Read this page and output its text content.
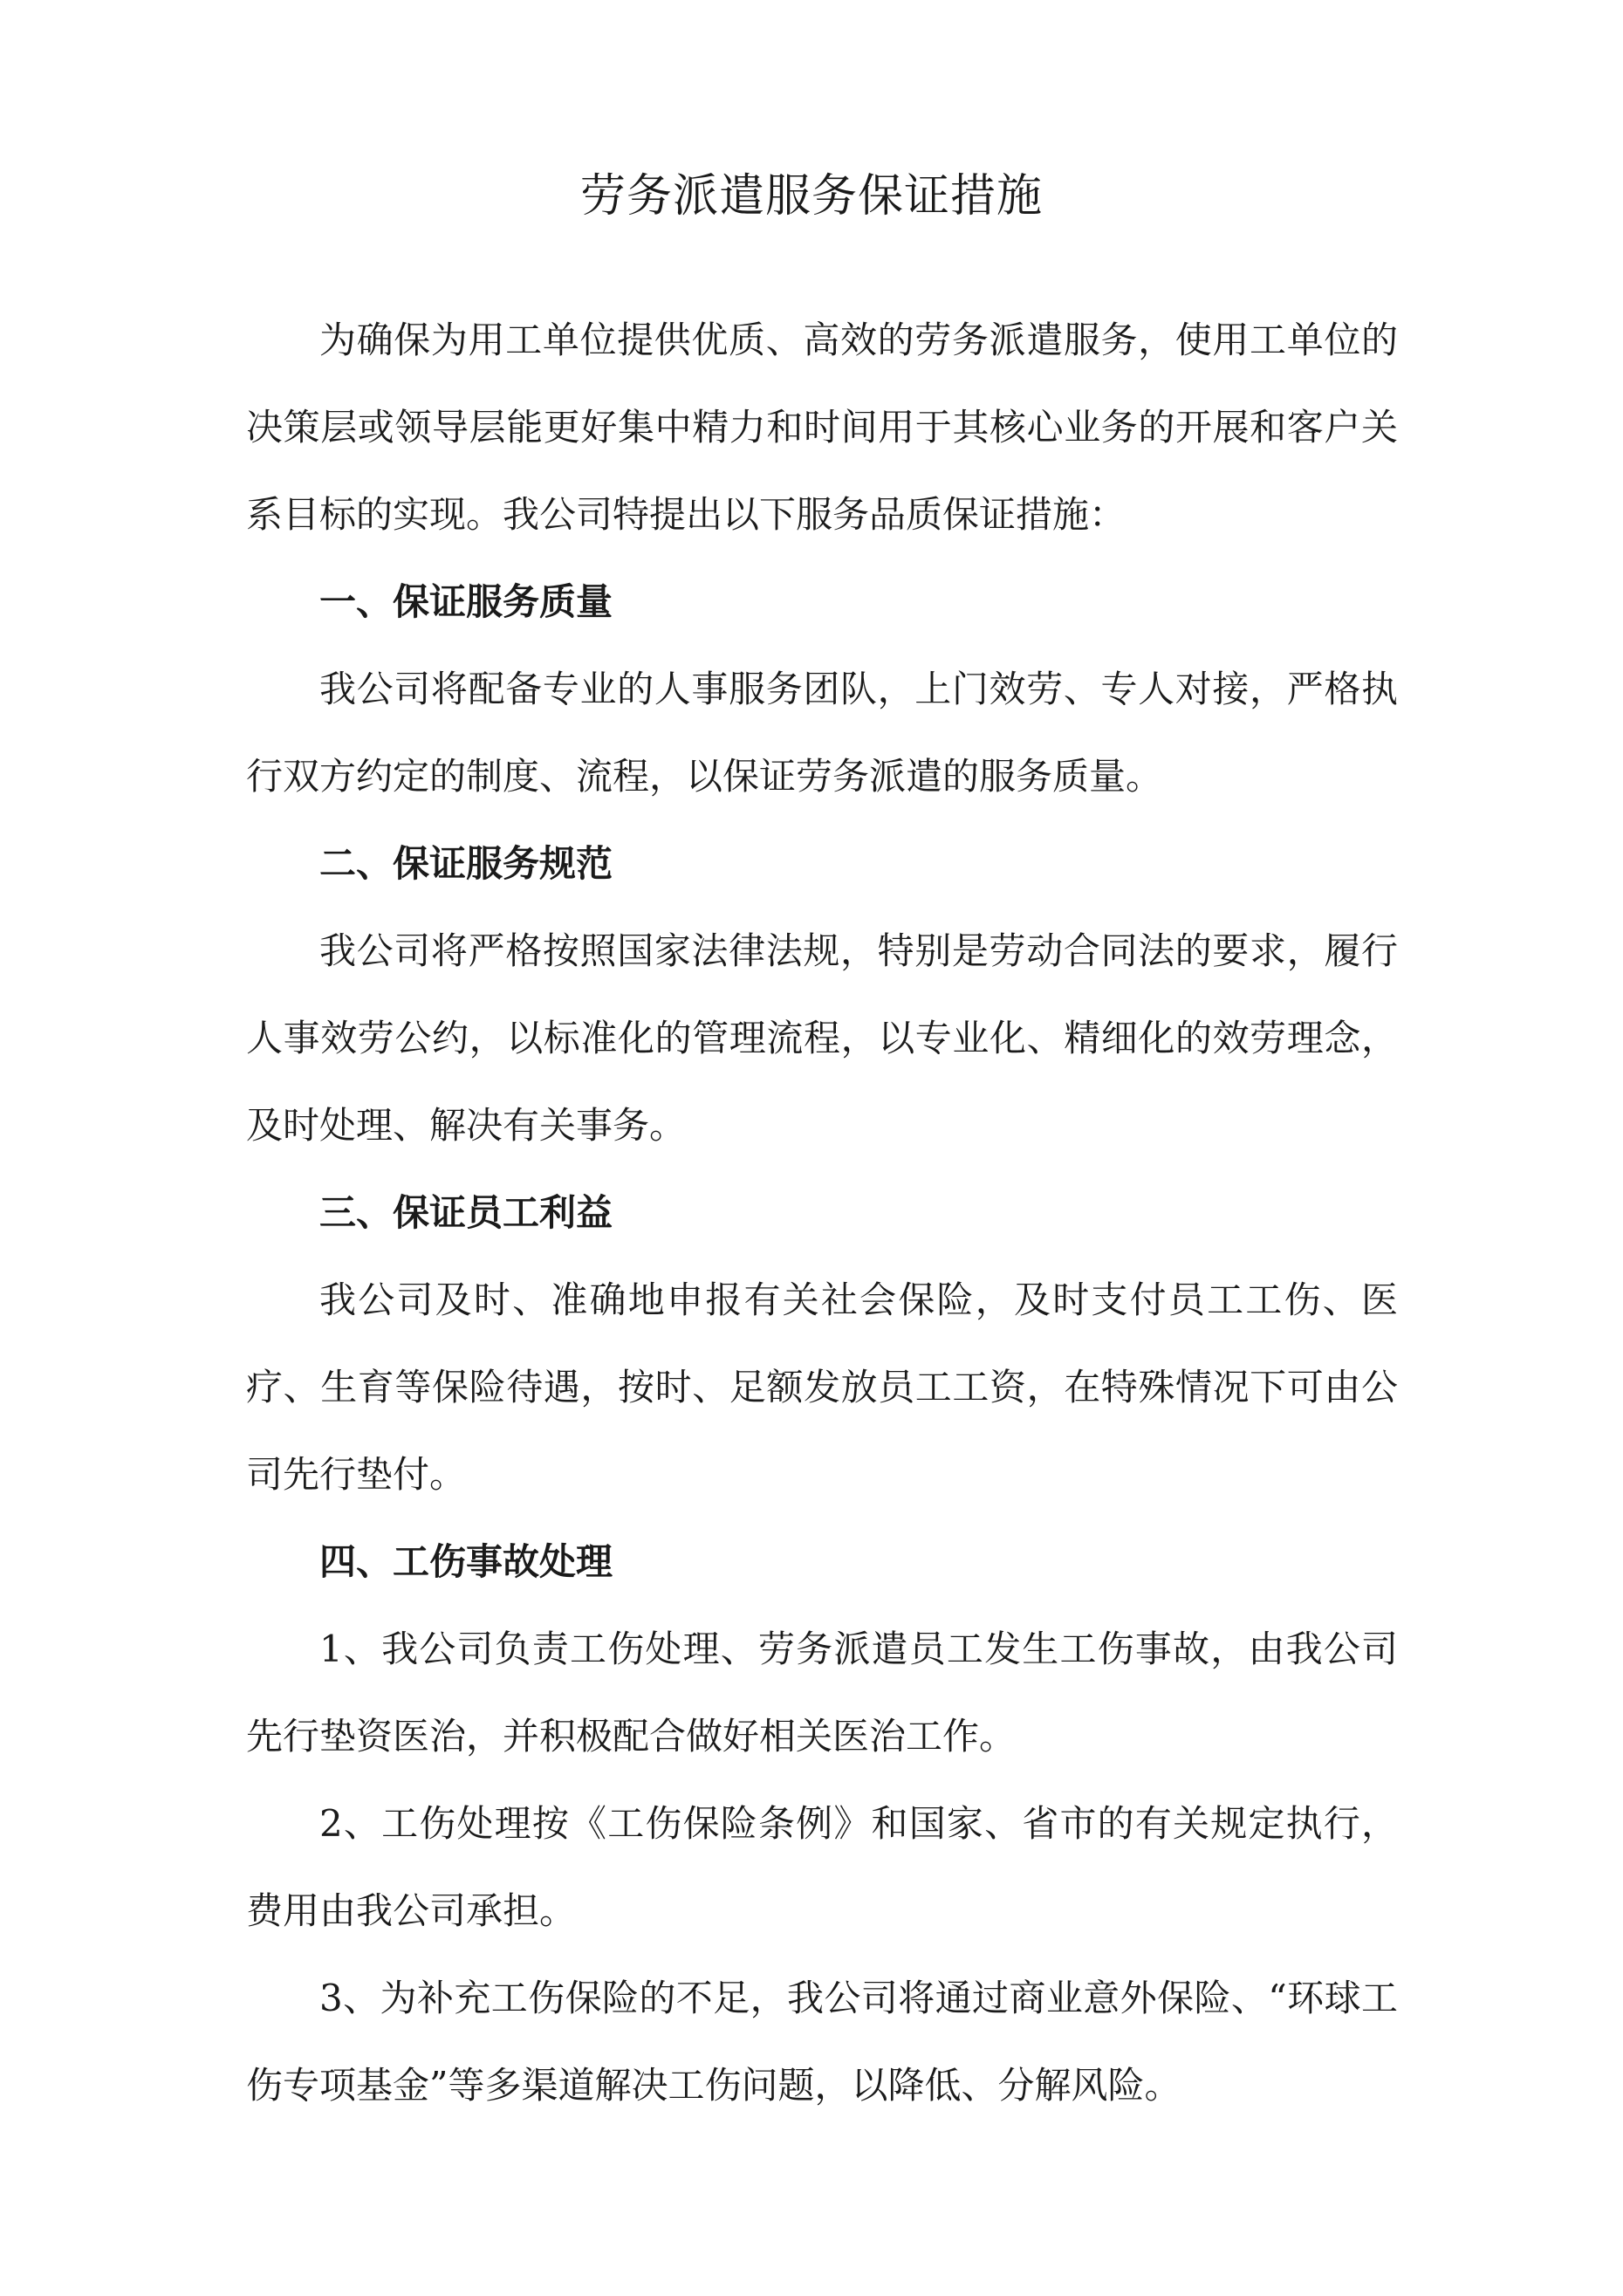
劳务派遣服务保证措施

为确保为用工单位提供优质、高效的劳务派遣服务，使用工单位的决策层或领导层能更好集中精力和时间用于其核心业务的开展和客户关系目标的实现。我公司特提出以下服务品质保证措施：

一、保证服务质量

我公司将配备专业的人事服务团队，上门效劳、专人对接，严格执行双方约定的制度、流程，以保证劳务派遣的服务质量。

二、保证服务规范

我公司将严格按照国家法律法规，特别是劳动合同法的要求，履行人事效劳公约，以标准化的管理流程，以专业化、精细化的效劳理念，及时处理、解决有关事务。

三、保证员工利益

我公司及时、准确地申报有关社会保险，及时支付员工工伤、医疗、生育等保险待遇，按时、足额发放员工工资，在特殊情况下可由公司先行垫付。

四、工伤事故处理

1、我公司负责工伤处理、劳务派遣员工发生工伤事故，由我公司先行垫资医治，并积极配合做好相关医治工作。

2、工伤处理按《工伤保险条例》和国家、省市的有关规定执行，费用由我公司承担。

3、为补充工伤保险的不足，我公司将通过商业意外保险、“环球工伤专项基金”等多渠道解决工伤问题，以降低、分解风险。
